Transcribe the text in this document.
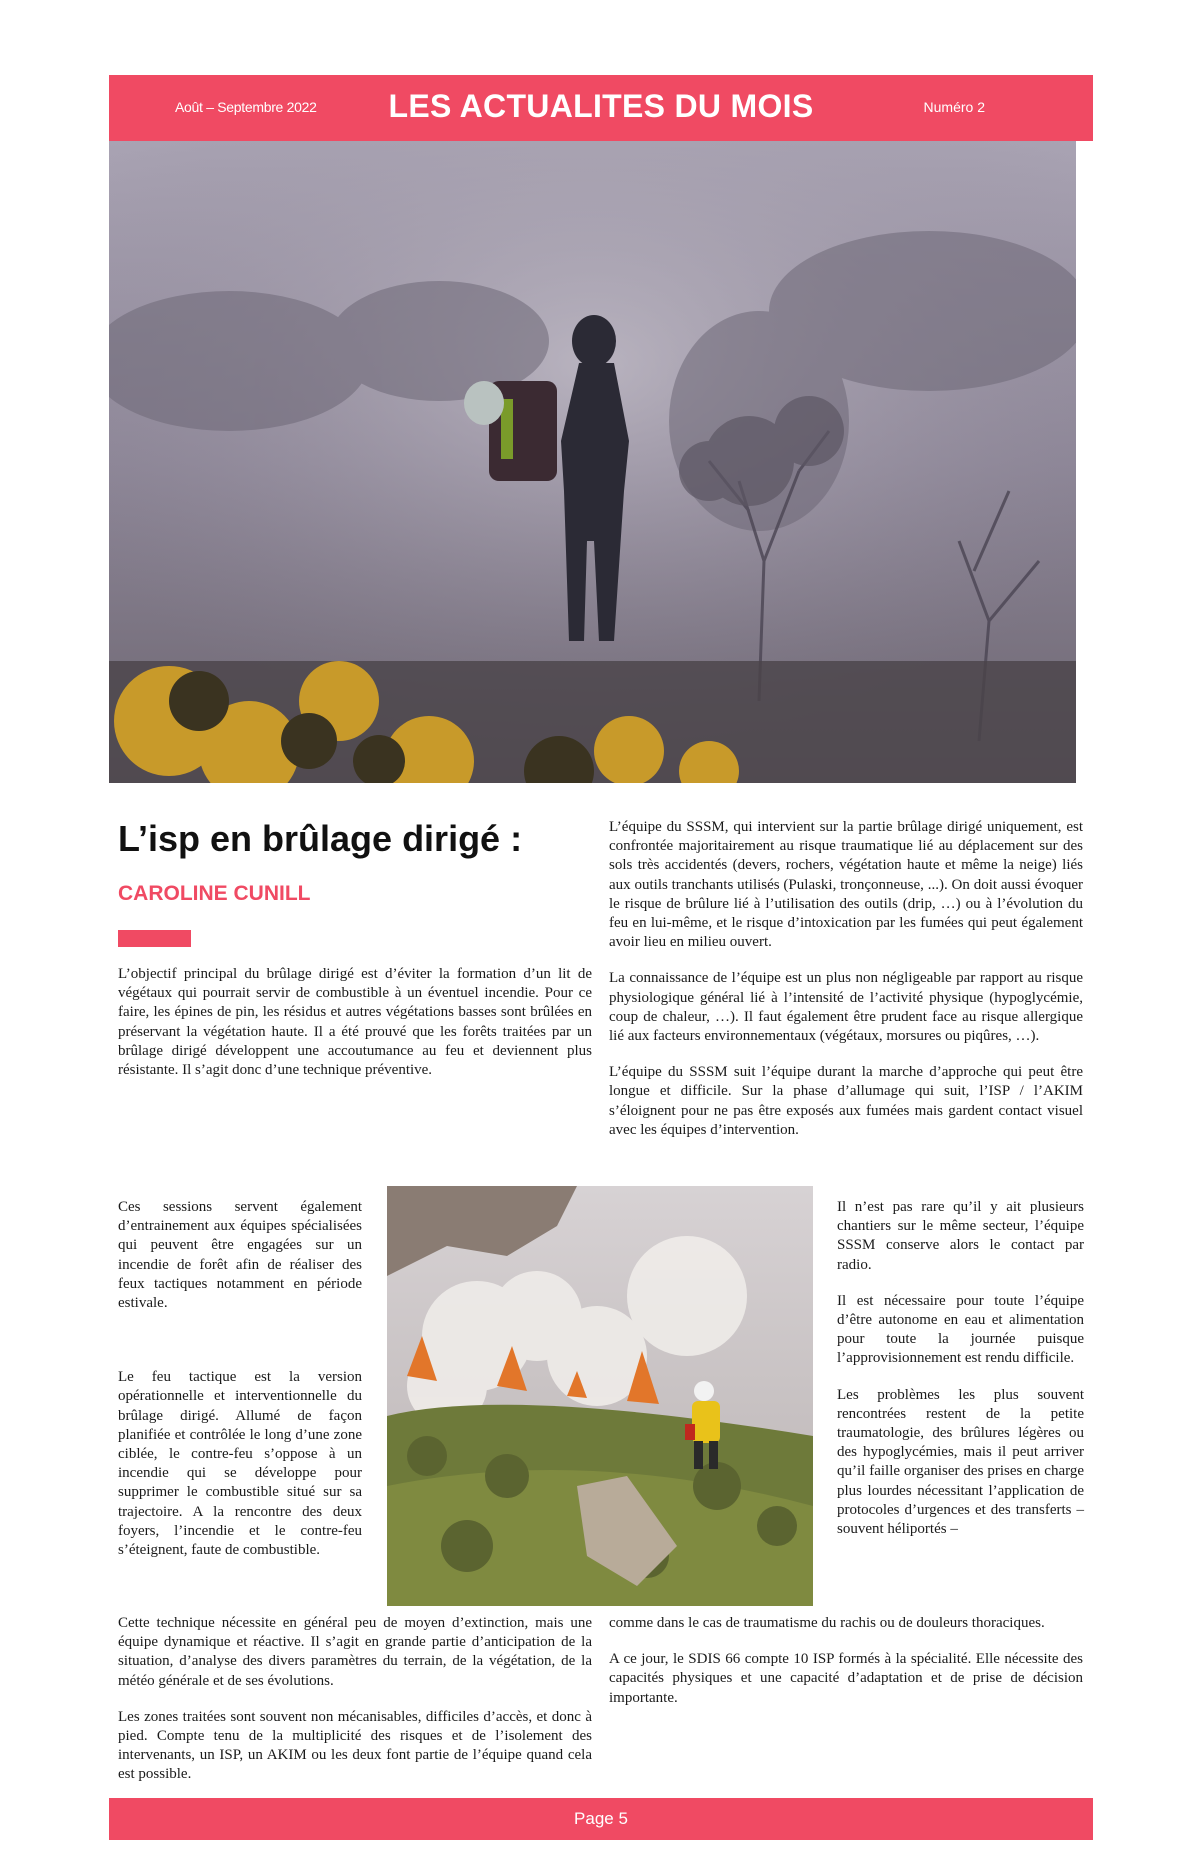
Août – Septembre 2022	LES ACTUALITES DU MOIS	Numéro 2
L’isp en brûlage dirigé :
CAROLINE CUNILL

L’objectif principal du brûlage dirigé est d’éviter la formation d’un lit de végétaux qui pourrait servir de combustible à un éventuel incendie. Pour ce faire, les épines de pin, les résidus et autres végétations basses sont brûlées en préservant la végétation haute. Il a été prouvé que les forêts traitées par un brûlage dirigé développent une accoutumance au feu et deviennent plus résistante. Il s’agit donc d’une technique préventive.

L’équipe du SSSM, qui intervient sur la partie brûlage dirigé uniquement, est confrontée majoritairement au risque traumatique lié au déplacement sur des sols très accidentés (devers, rochers, végétation haute et même la neige) liés aux outils tranchants utilisés (Pulaski, tronçonneuse, ...). On doit aussi évoquer le risque de brûlure lié à l’utilisation des outils (drip, …) ou à l’évolution du feu en lui-même, et le risque d’intoxication par les fumées qui peut également avoir lieu en milieu ouvert.

La connaissance de l’équipe est un plus non négligeable par rapport au risque physiologique général lié à l’intensité de l’activité physique (hypoglycémie, coup de chaleur, …). Il faut également être prudent face au risque allergique lié aux facteurs environnementaux (végétaux, morsures ou piqûres, …).

L’équipe du SSSM suit l’équipe durant la marche d’approche qui peut être longue et difficile. Sur la phase d’allumage qui suit, l’ISP / l’AKIM s’éloignent pour ne pas être exposés aux fumées mais gardent contact visuel avec les équipes d’intervention.

Ces sessions servent également d’entrainement aux équipes spécialisées qui peuvent être engagées sur un incendie de forêt afin de réaliser des feux tactiques notamment en période estivale.

Le feu tactique est la version opérationnelle et interventionnelle du brûlage dirigé. Allumé de façon planifiée et contrôlée le long d’une zone ciblée, le contre-feu s’oppose à un incendie qui se développe pour supprimer le combustible situé sur sa trajectoire. A la rencontre des deux foyers, l’incendie et le contre-feu s’éteignent, faute de combustible.

Il n’est pas rare qu’il y ait plusieurs chantiers sur le même secteur, l’équipe SSSM conserve alors le contact par radio.

Il est nécessaire pour toute l’équipe d’être autonome en eau et alimentation pour toute la journée puisque l’approvisionnement est rendu difficile.

Les problèmes les plus souvent rencontrées restent de la petite traumatologie, des brûlures légères ou des hypoglycémies, mais il peut arriver qu’il faille organiser des prises en charge plus lourdes nécessitant l’application de protocoles d’urgences et des transferts – souvent héliportés –

Cette technique nécessite en général peu de moyen d’extinction, mais une équipe dynamique et réactive. Il s’agit en grande partie d’anticipation de la situation, d’analyse des divers paramètres du terrain, de la végétation, de la météo générale et de ses évolutions.

Les zones traitées sont souvent non mécanisables, difficiles d’accès, et donc à pied. Compte tenu de la multiplicité des risques et de l’isolement des intervenants, un ISP, un AKIM ou les deux font partie de l’équipe quand cela est possible.

comme dans le cas de traumatisme du rachis ou de douleurs thoraciques.

A ce jour, le SDIS 66 compte 10 ISP formés à la spécialité. Elle nécessite des capacités physiques et une capacité d’adaptation et de prise de décision importante.

Page 5
